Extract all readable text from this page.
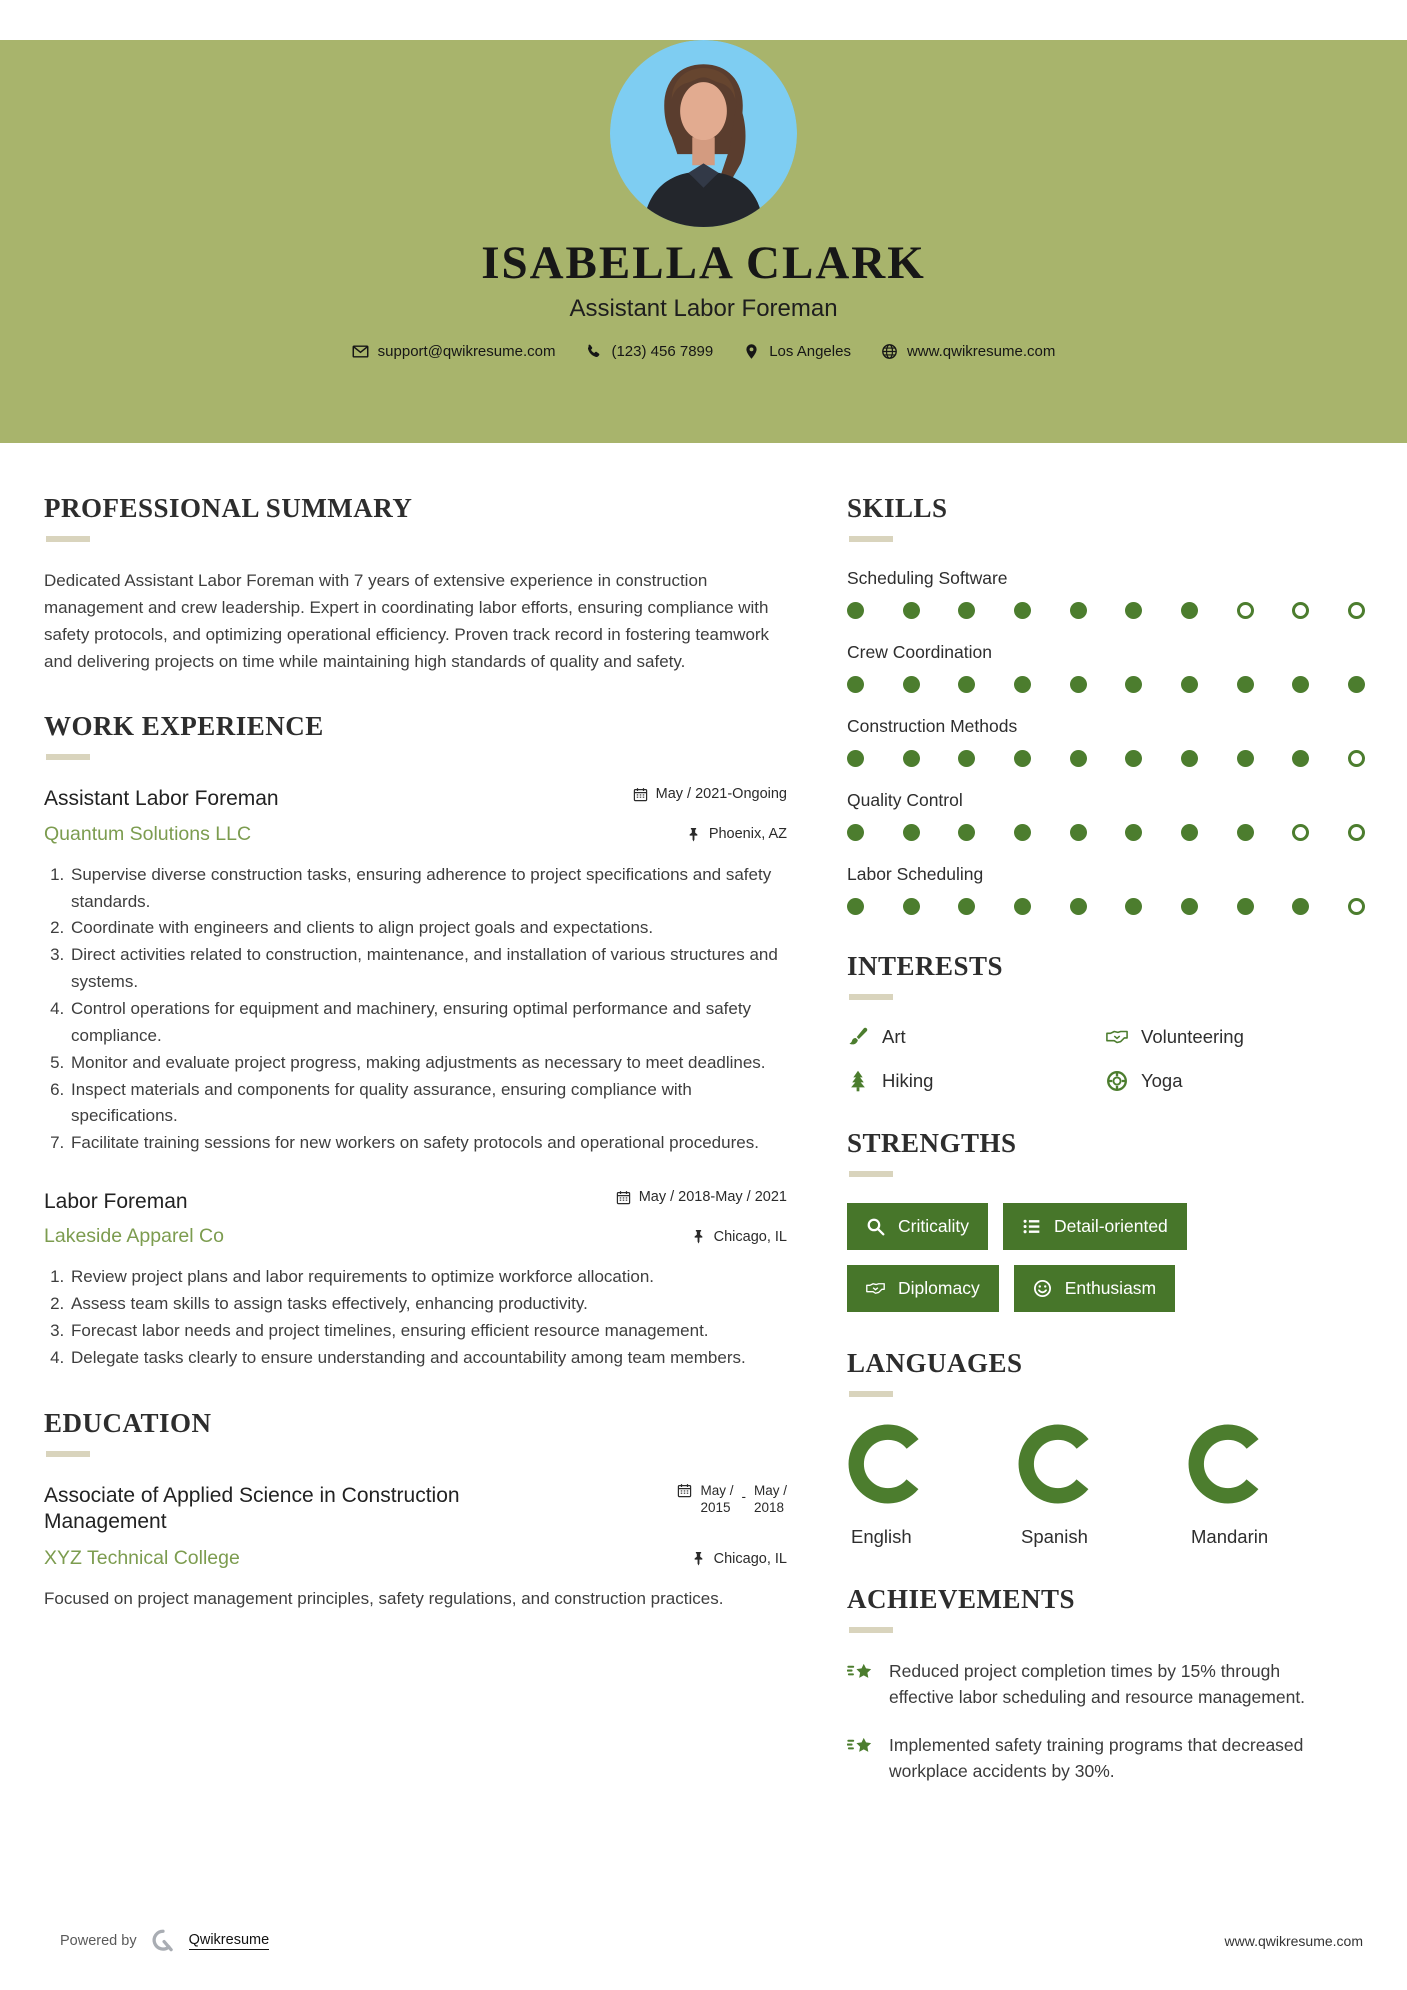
ISABELLA CLARK
Assistant Labor Foreman
support@qwikresume.com	(123) 456 7899	Los Angeles	www.qwikresume.com
PROFESSIONAL SUMMARY

Dedicated Assistant Labor Foreman with 7 years of extensive experience in construction management and crew leadership. Expert in coordinating labor efforts, ensuring compliance with safety protocols, and optimizing operational efficiency. Proven track record in fostering teamwork and delivering projects on time while maintaining high standards of quality and safety.

WORK EXPERIENCE
Assistant Labor Foreman	May / 2021-Ongoing
Quantum Solutions LLC	Phoenix, AZ
1. Supervise diverse construction tasks, ensuring adherence to project specifications and safety standards.
2. Coordinate with engineers and clients to align project goals and expectations.
3. Direct activities related to construction, maintenance, and installation of various structures and systems.
4. Control operations for equipment and machinery, ensuring optimal performance and safety compliance.
5. Monitor and evaluate project progress, making adjustments as necessary to meet deadlines.
6. Inspect materials and components for quality assurance, ensuring compliance with specifications.
7. Facilitate training sessions for new workers on safety protocols and operational procedures.
Labor Foreman	May / 2018-May / 2021
Lakeside Apparel Co	Chicago, IL
1. Review project plans and labor requirements to optimize workforce allocation.
2. Assess team skills to assign tasks effectively, enhancing productivity.
3. Forecast labor needs and project timelines, ensuring efficient resource management.
4. Delegate tasks clearly to ensure understanding and accountability among team members.
EDUCATION
Associate of Applied Science in Construction Management
May /
2015
- May /
2018
XYZ Technical College	Chicago, IL

Focused on project management principles, safety regulations, and construction practices.

SKILLS
Scheduling Software
Crew Coordination
Construction Methods
Quality Control
Labor Scheduling
INTERESTS
Art	Volunteering
Hiking	Yoga
STRENGTHS
Criticality	Detail-oriented
Diplomacy	Enthusiasm
LANGUAGES
English	Spanish	Mandarin
ACHIEVEMENTS

Reduced project completion times by 15% through effective labor scheduling and resource management.

Implemented safety training programs that decreased workplace accidents by 30%.

Powered by	Qwikresume	www.qwikresume.com
